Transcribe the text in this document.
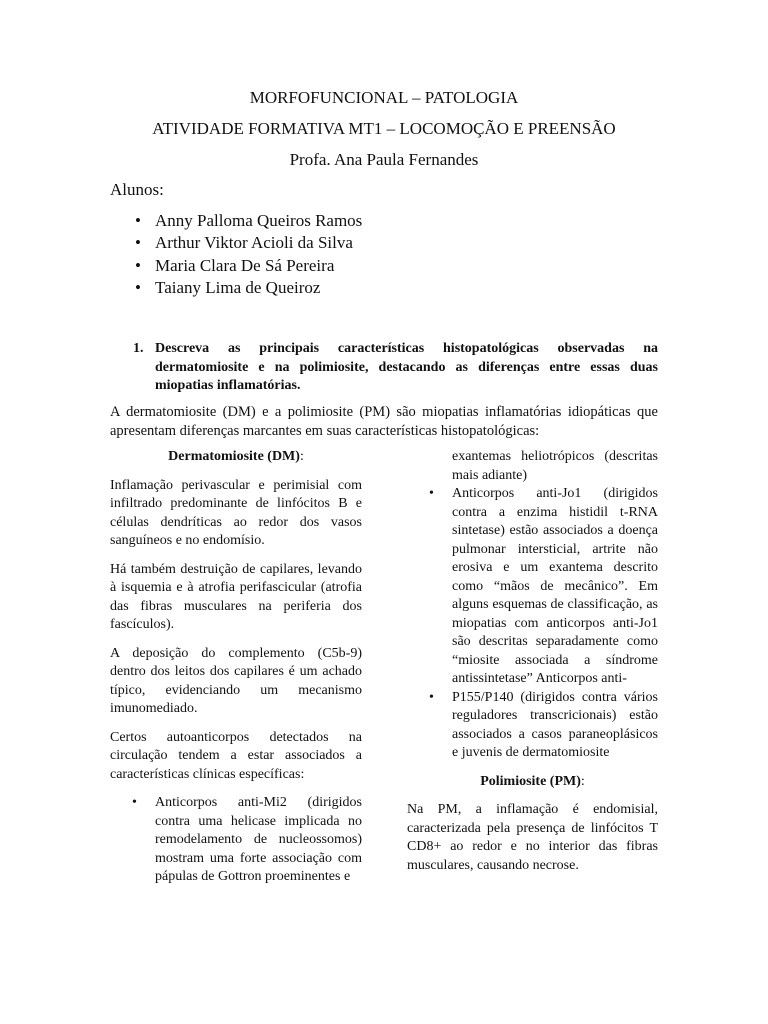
MORFOFUNCIONAL – PATOLOGIA
ATIVIDADE FORMATIVA MT1 – LOCOMOÇÃO E PREENSÃO
Profa. Ana Paula Fernandes
Alunos:
• Anny Palloma Queiros Ramos
• Arthur Viktor Acioli da Silva
• Maria Clara De Sá Pereira
• Taiany Lima de Queiroz
1. Descreva as principais características histopatológicas observadas na dermatomiosite e na polimiosite, destacando as diferenças entre essas duas miopatias inflamatórias.
A dermatomiosite (DM) e a polimiosite (PM) são miopatias inflamatórias idiopáticas que apresentam diferenças marcantes em suas características histopatológicas:
Dermatomiosite (DM):

Inflamação perivascular e perimisial com infiltrado predominante de linfócitos B e células dendríticas ao redor dos vasos sanguíneos e no endomísio.

Há também destruição de capilares, levando à isquemia e à atrofia perifascicular (atrofia das fibras musculares na periferia dos fascículos).

A deposição do complemento (C5b-9) dentro dos leitos dos capilares é um achado típico, evidenciando um mecanismo imunomediado.

Certos autoanticorpos detectados na circulação tendem a estar associados a características clínicas específicas:

• Anticorpos anti-Mi2 (dirigidos contra uma helicase implicada no remodelamento de nucleossomos) mostram uma forte associação com pápulas de Gottron proeminentes e
exantemas heliotrópicos (descritas mais adiante)
• Anticorpos anti-Jo1 (dirigidos contra a enzima histidil t-RNA sintetase) estão associados a doença pulmonar intersticial, artrite não erosiva e um exantema descrito como “mãos de mecânico”. Em alguns esquemas de classificação, as miopatias com anticorpos anti-Jo1 são descritas separadamente como “miosite associada a síndrome antissintetase” Anticorpos anti-
• P155/P140 (dirigidos contra vários reguladores transcricionais) estão associados a casos paraneoplásicos e juvenis de dermatomiosite
Polimiosite (PM):

Na PM, a inflamação é endomisial, caracterizada pela presença de linfócitos T CD8+ ao redor e no interior das fibras musculares, causando necrose.
